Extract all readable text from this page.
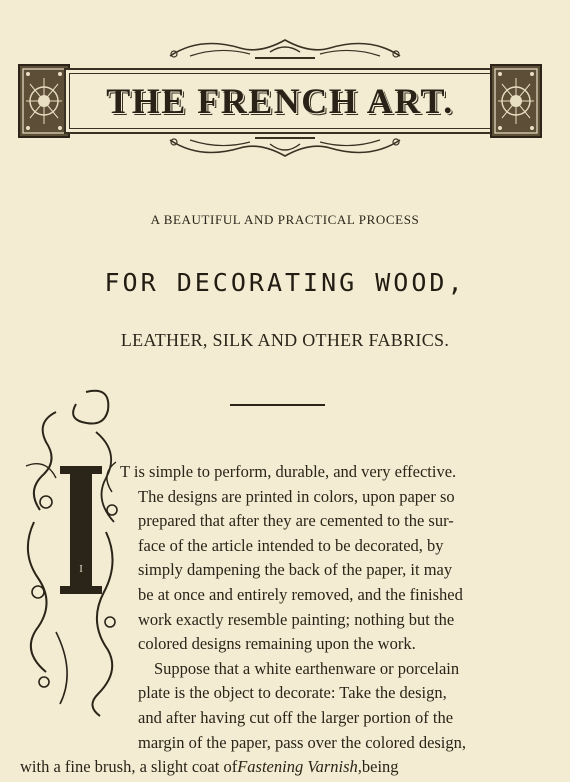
THE FRENCH ART.
A BEAUTIFUL AND PRACTICAL PROCESS
FOR DECORATING WOOD,
LEATHER, SILK AND OTHER FABRICS.
I
T is simple to perform, durable, and very effective.
The designs are printed in colors, upon paper so
prepared that after they are cemented to the sur-
face of the article intended to be decorated, by
simply dampening the back of the paper, it may
be at once and entirely removed, and the finished
work exactly resemble painting; nothing but the
colored designs remaining upon the work.
Suppose that a white earthenware or porcelain
plate is the object to decorate: Take the design,
and after having cut off the larger portion of the
margin of the paper, pass over the colored design,
with a fine brush, a slight coat ofFastening Varnish,being
